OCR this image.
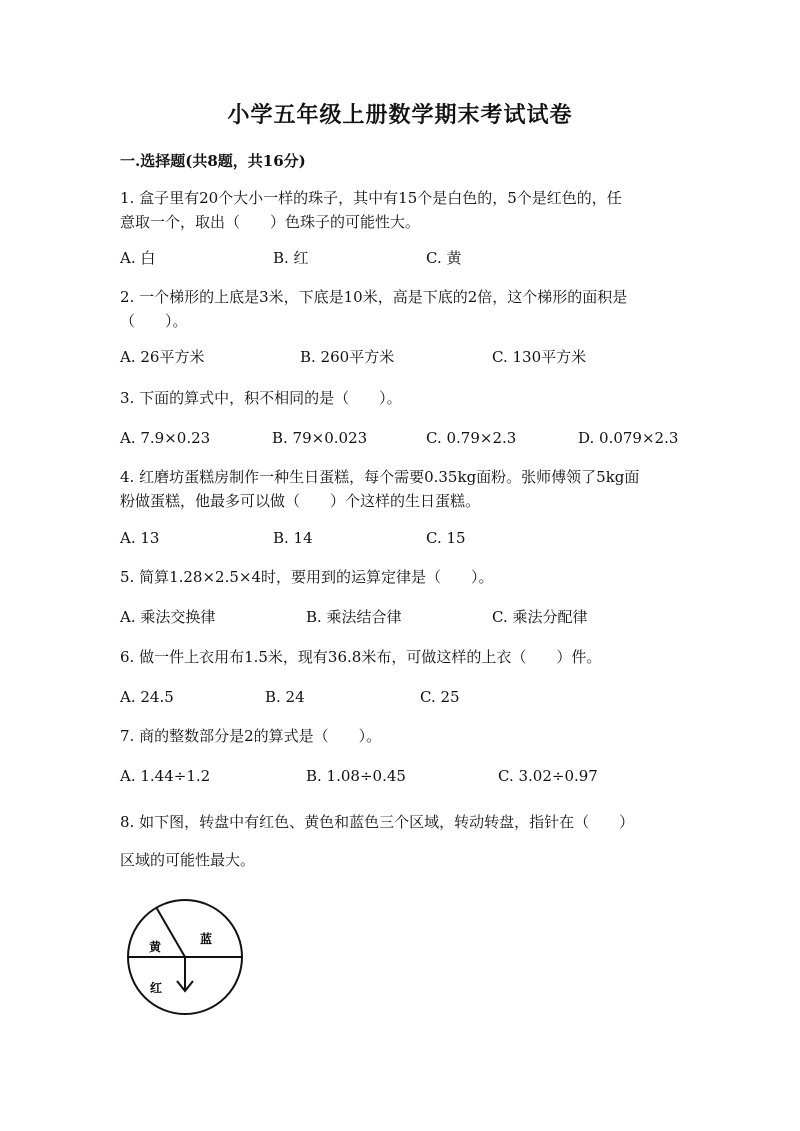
小学五年级上册数学期末考试试卷
一.选择题(共8题，共16分)
1. 盒子里有20个大小一样的珠子，其中有15个是白色的，5个是红色的，任
意取一个，取出（　　）色珠子的可能性大。
A. 白	B. 红	C. 黄
2. 一个梯形的上底是3米，下底是10米，高是下底的2倍，这个梯形的面积是
（　　）。
A. 26平方米	B. 260平方米	C. 130平方米
3. 下面的算式中，积不相同的是（　　）。
A. 7.9×0.23	B. 79×0.023	C. 0.79×2.3	D. 0.079×2.3
4. 红磨坊蛋糕房制作一种生日蛋糕，每个需要0.35kg面粉。张师傅领了5kg面
粉做蛋糕，他最多可以做（　　）个这样的生日蛋糕。
A. 13	B. 14	C. 15
5. 简算1.28×2.5×4时，要用到的运算定律是（　　）。
A. 乘法交换律	B. 乘法结合律	C. 乘法分配律
6. 做一件上衣用布1.5米，现有36.8米布，可做这样的上衣（　　）件。
A. 24.5	B. 24	C. 25
7. 商的整数部分是2的算式是（　　）。
A. 1.44÷1.2	B. 1.08÷0.45	C. 3.02÷0.97
8. 如下图，转盘中有红色、黄色和蓝色三个区域，转动转盘，指针在（　　）
区域的可能性最大。
黄
蓝
红
